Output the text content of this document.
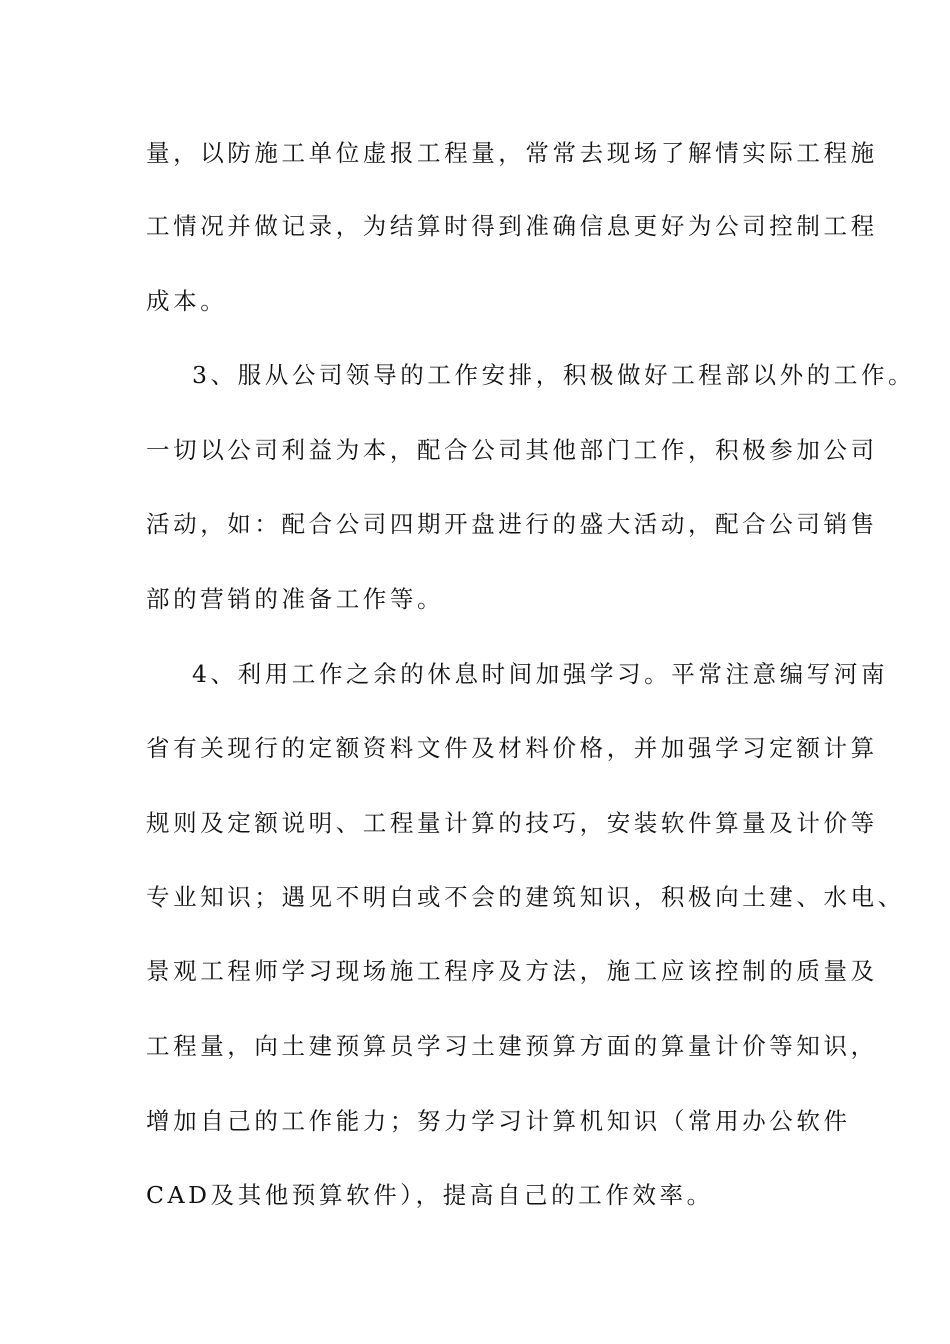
量，以防施工单位虚报工程量，常常去现场了解情实际工程施

工情况并做记录，为结算时得到准确信息更好为公司控制工程

成本。

3、服从公司领导的工作安排，积极做好工程部以外的工作。

一切以公司利益为本，配合公司其他部门工作，积极参加公司

活动，如：配合公司四期开盘进行的盛大活动，配合公司销售

部的营销的准备工作等。

4、利用工作之余的休息时间加强学习。平常注意编写河南

省有关现行的定额资料文件及材料价格，并加强学习定额计算

规则及定额说明、工程量计算的技巧，安装软件算量及计价等

专业知识；遇见不明白或不会的建筑知识，积极向土建、水电、

景观工程师学习现场施工程序及方法，施工应该控制的质量及

工程量，向土建预算员学习土建预算方面的算量计价等知识，

增加自己的工作能力；努力学习计算机知识（常用办公软件

CAD及其他预算软件），提高自己的工作效率。
